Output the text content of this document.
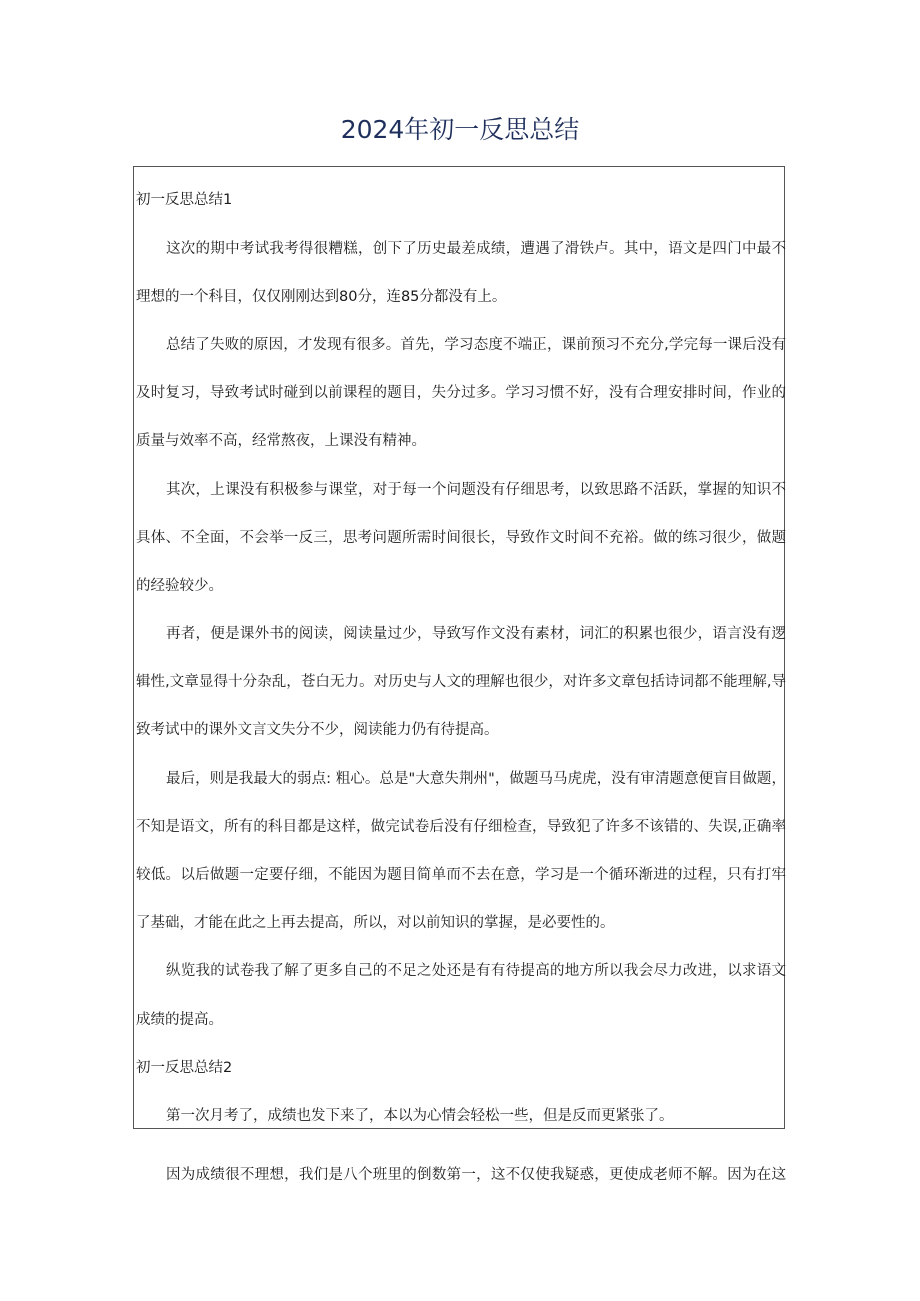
2024年初一反思总结
初一反思总结1
这次的期中考试我考得很糟糕，创下了历史最差成绩，遭遇了滑铁卢。其中，语文是四门中最不
理想的一个科目，仅仅刚刚达到80分，连85分都没有上。
总结了失败的原因，才发现有很多。首先，学习态度不端正，课前预习不充分,学完每一课后没有
及时复习，导致考试时碰到以前课程的题目，失分过多。学习习惯不好，没有合理安排时间，作业的
质量与效率不高，经常熬夜，上课没有精神。
其次，上课没有积极参与课堂，对于每一个问题没有仔细思考，以致思路不活跃，掌握的知识不
具体、不全面，不会举一反三，思考问题所需时间很长，导致作文时间不充裕。做的练习很少，做题
的经验较少。
再者，便是课外书的阅读，阅读量过少，导致写作文没有素材，词汇的积累也很少，语言没有逻
辑性,文章显得十分杂乱，苍白无力。对历史与人文的理解也很少，对许多文章包括诗词都不能理解,导
致考试中的课外文言文失分不少，阅读能力仍有待提高。
最后，则是我最大的弱点: 粗心。总是"大意失荆州"，做题马马虎虎，没有审清题意便盲目做题，
不知是语文，所有的科目都是这样，做完试卷后没有仔细检查，导致犯了许多不该错的、失误,正确率
较低。以后做题一定要仔细，不能因为题目简单而不去在意，学习是一个循环渐进的过程，只有打牢
了基础，才能在此之上再去提高，所以，对以前知识的掌握，是必要性的。
纵览我的试卷我了解了更多自己的不足之处还是有有待提高的地方所以我会尽力改进，以求语文
成绩的提高。
初一反思总结2
第一次月考了，成绩也发下来了，本以为心情会轻松一些，但是反而更紧张了。
因为成绩很不理想，我们是八个班里的倒数第一，这不仅使我疑惑，更使成老师不解。因为在这
